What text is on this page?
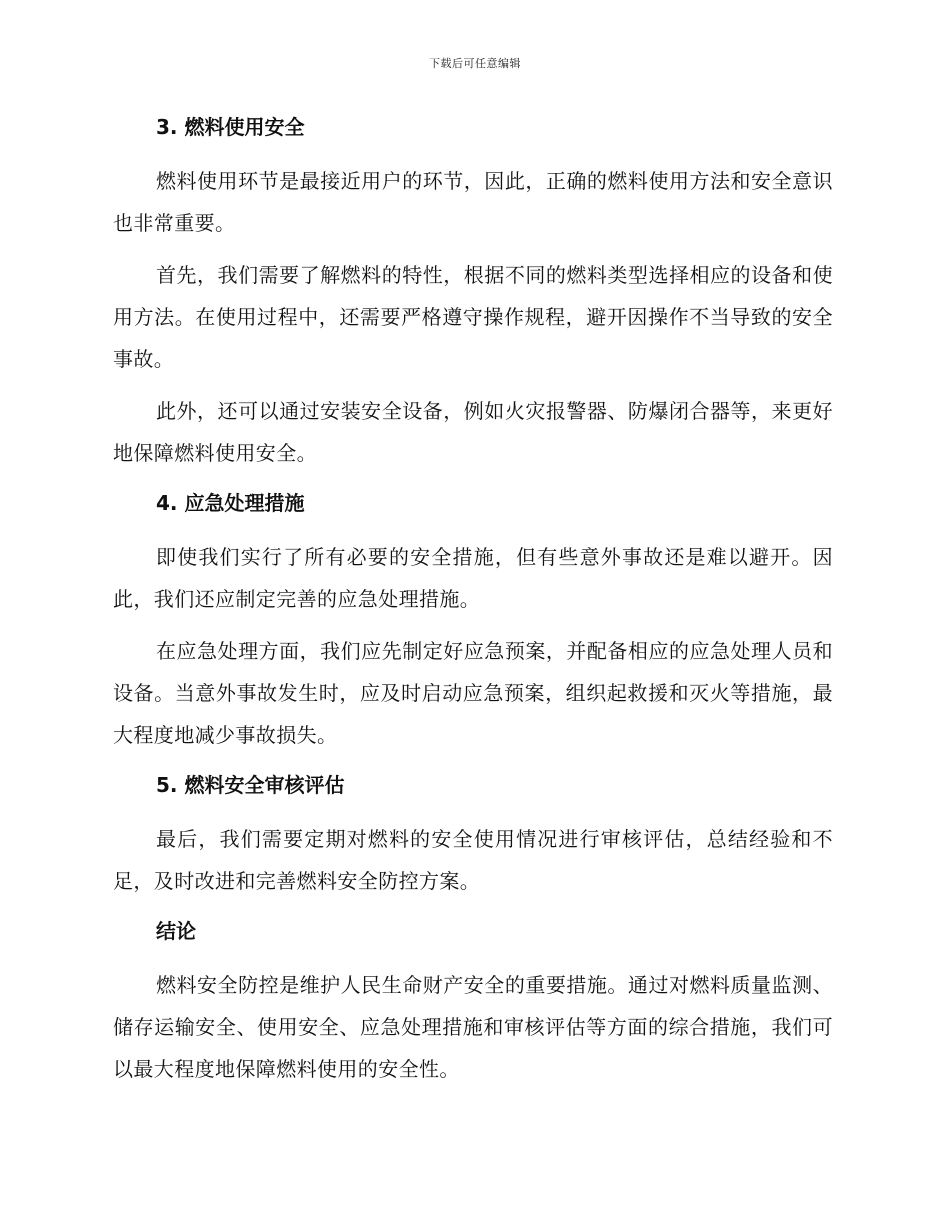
下载后可任意编辑
3. 燃料使用安全

燃料使用环节是最接近用户的环节，因此，正确的燃料使用方法和安全意识也非常重要。

首先，我们需要了解燃料的特性，根据不同的燃料类型选择相应的设备和使用方法。在使用过程中，还需要严格遵守操作规程，避开因操作不当导致的安全事故。

此外，还可以通过安装安全设备，例如火灾报警器、防爆闭合器等，来更好地保障燃料使用安全。

4. 应急处理措施

即使我们实行了所有必要的安全措施，但有些意外事故还是难以避开。因此，我们还应制定完善的应急处理措施。

在应急处理方面，我们应先制定好应急预案，并配备相应的应急处理人员和设备。当意外事故发生时，应及时启动应急预案，组织起救援和灭火等措施，最大程度地减少事故损失。

5. 燃料安全审核评估

最后，我们需要定期对燃料的安全使用情况进行审核评估，总结经验和不足，及时改进和完善燃料安全防控方案。

结论

燃料安全防控是维护人民生命财产安全的重要措施。通过对燃料质量监测、储存运输安全、使用安全、应急处理措施和审核评估等方面的综合措施，我们可以最大程度地保障燃料使用的安全性。
